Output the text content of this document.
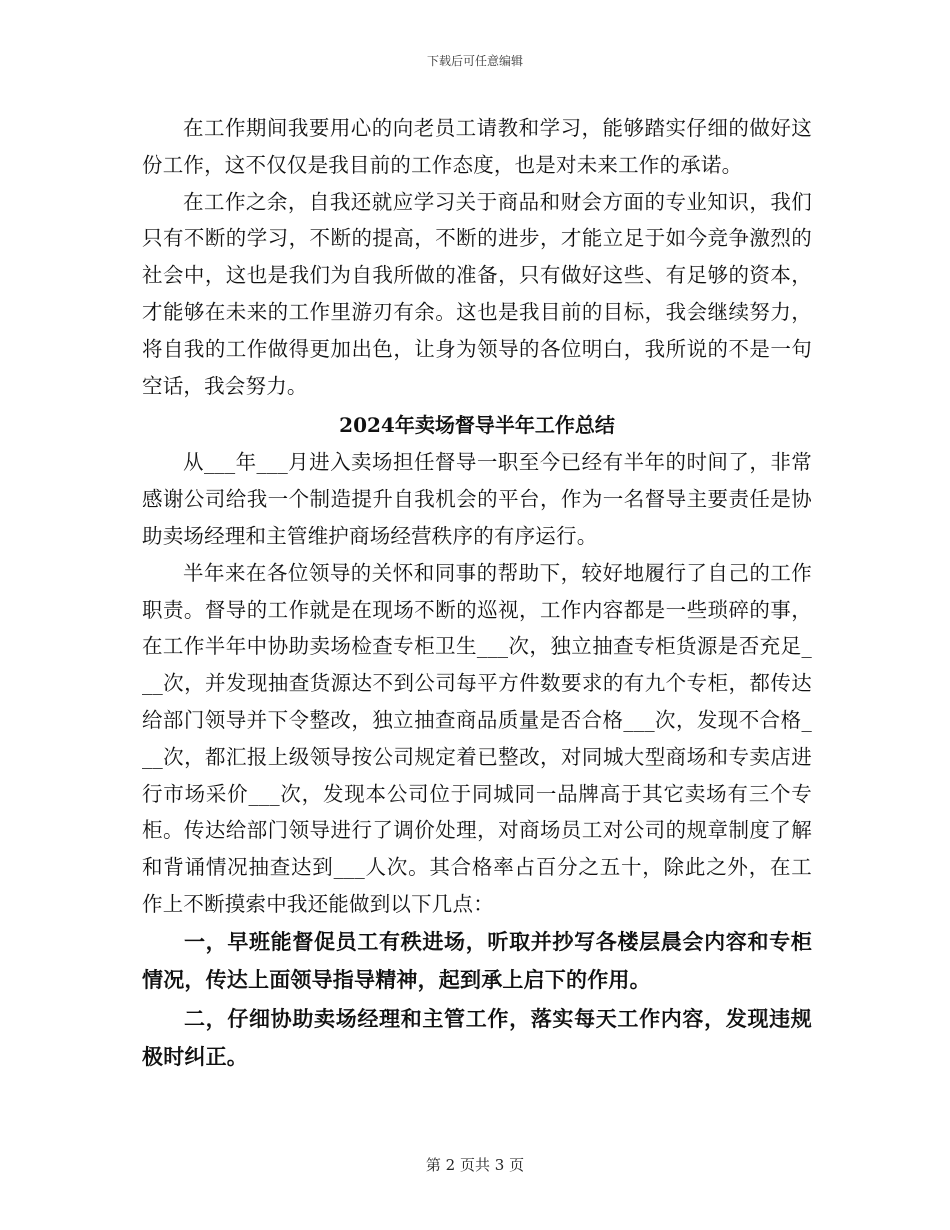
下载后可任意编辑

在工作期间我要用心的向老员工请教和学习，能够踏实仔细的做好这份工作，这不仅仅是我目前的工作态度，也是对未来工作的承诺。

在工作之余，自我还就应学习关于商品和财会方面的专业知识，我们只有不断的学习，不断的提高，不断的进步，才能立足于如今竞争激烈的社会中，这也是我们为自我所做的准备，只有做好这些、有足够的资本，才能够在未来的工作里游刃有余。这也是我目前的目标，我会继续努力，将自我的工作做得更加出色，让身为领导的各位明白，我所说的不是一句空话，我会努力。

2024年卖场督导半年工作总结

从___年___月进入卖场担任督导一职至今已经有半年的时间了，非常感谢公司给我一个制造提升自我机会的平台，作为一名督导主要责任是协助卖场经理和主管维护商场经营秩序的有序运行。

半年来在各位领导的关怀和同事的帮助下，较好地履行了自己的工作职责。督导的工作就是在现场不断的巡视，工作内容都是一些琐碎的事，在工作半年中协助卖场检查专柜卫生___次，独立抽查专柜货源是否充足___次，并发现抽查货源达不到公司每平方件数要求的有九个专柜，都传达给部门领导并下令整改，独立抽查商品质量是否合格___次，发现不合格___次，都汇报上级领导按公司规定着已整改，对同城大型商场和专卖店进行市场采价___次，发现本公司位于同城同一品牌高于其它卖场有三个专柜。传达给部门领导进行了调价处理，对商场员工对公司的规章制度了解和背诵情况抽查达到___人次。其合格率占百分之五十，除此之外，在工作上不断摸索中我还能做到以下几点：

一，早班能督促员工有秩进场，听取并抄写各楼层晨会内容和专柜情况，传达上面领导指导精神，起到承上启下的作用。

二，仔细协助卖场经理和主管工作，落实每天工作内容，发现违规极时纠正。

第 2 页共 3 页
